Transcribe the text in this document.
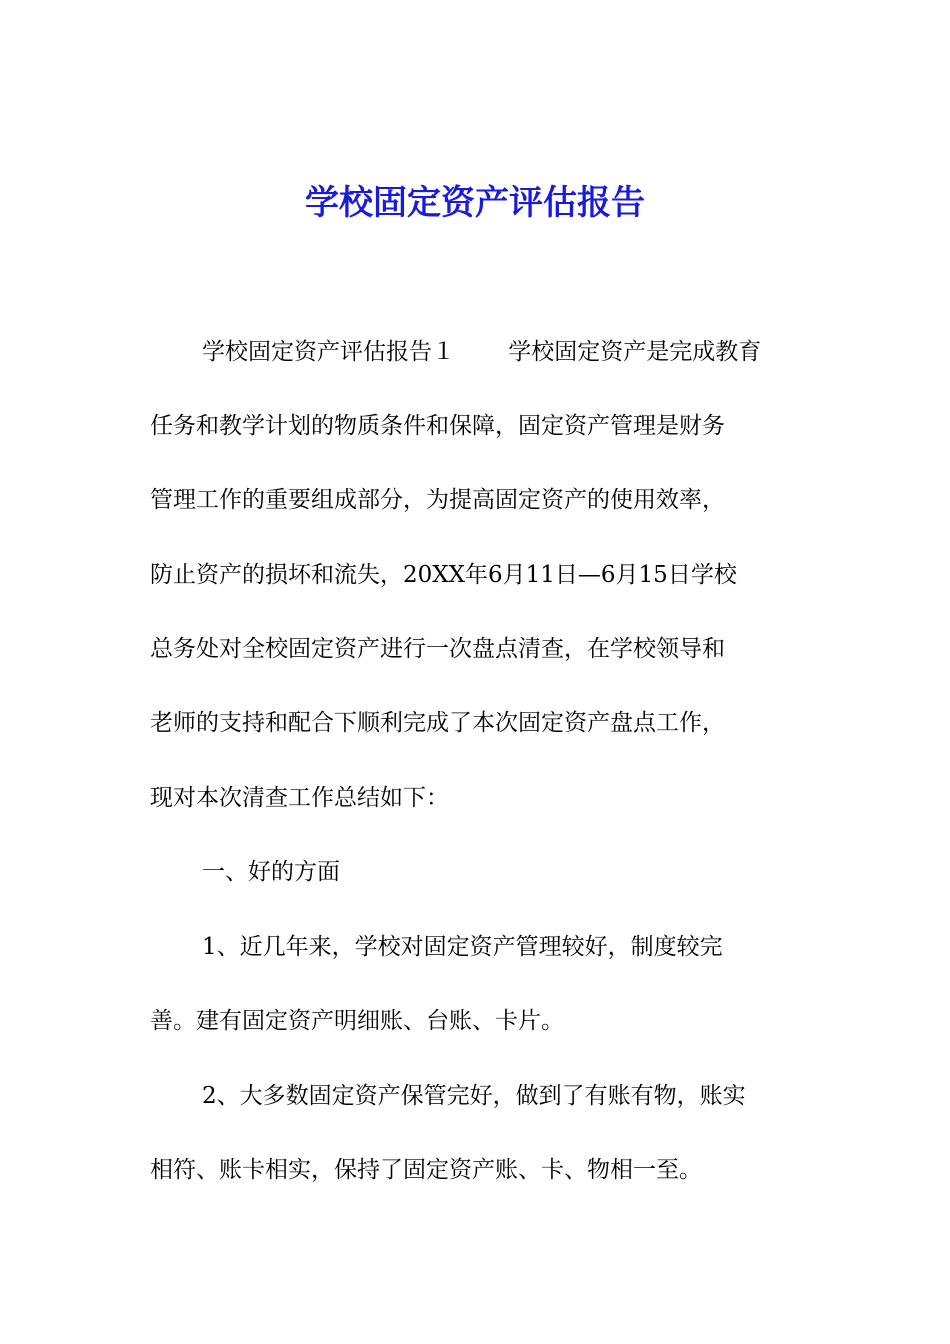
学校固定资产评估报告
学校固定资产评估报告１　　 学校固定资产是完成教育
任务和教学计划的物质条件和保障，固定资产管理是财务
管理工作的重要组成部分，为提高固定资产的使用效率，
防止资产的损坏和流失，20XX年6月11日—6月15日学校
总务处对全校固定资产进行一次盘点清查，在学校领导和
老师的支持和配合下顺利完成了本次固定资产盘点工作，
现对本次清查工作总结如下：
一、好的方面
1、近几年来，学校对固定资产管理较好，制度较完
善。建有固定资产明细账、台账、卡片。
2、大多数固定资产保管完好，做到了有账有物，账实
相符、账卡相实，保持了固定资产账、卡、物相一至。
